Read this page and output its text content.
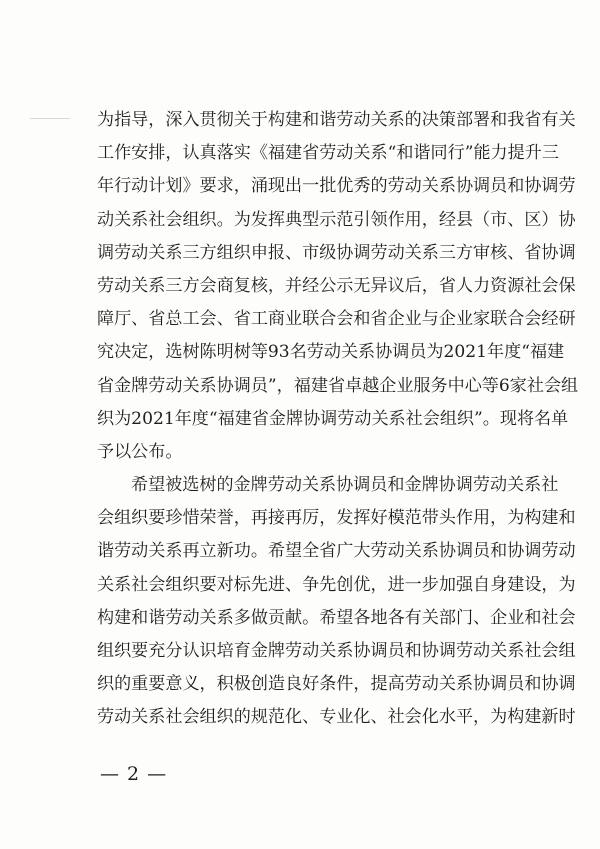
为指导，深入贯彻关于构建和谐劳动关系的决策部署和我省有关
工作安排，认真落实《福建省劳动关系“和谐同行”能力提升三
年行动计划》要求，涌现出一批优秀的劳动关系协调员和协调劳
动关系社会组织。为发挥典型示范引领作用，经县（市、区）协
调劳动关系三方组织申报、市级协调劳动关系三方审核、省协调
劳动关系三方会商复核，并经公示无异议后，省人力资源社会保
障厅、省总工会、省工商业联合会和省企业与企业家联合会经研
究决定，选树陈明树等93名劳动关系协调员为2021年度“福建
省金牌劳动关系协调员”，福建省卓越企业服务中心等6家社会组
织为2021年度“福建省金牌协调劳动关系社会组织”。现将名单
予以公布。
希望被选树的金牌劳动关系协调员和金牌协调劳动关系社
会组织要珍惜荣誉，再接再厉，发挥好模范带头作用，为构建和
谐劳动关系再立新功。希望全省广大劳动关系协调员和协调劳动
关系社会组织要对标先进、争先创优，进一步加强自身建设，为
构建和谐劳动关系多做贡献。希望各地各有关部门、企业和社会
组织要充分认识培育金牌劳动关系协调员和协调劳动关系社会组
织的重要意义，积极创造良好条件，提高劳动关系协调员和协调
劳动关系社会组织的规范化、专业化、社会化水平，为构建新时
— 2 —
